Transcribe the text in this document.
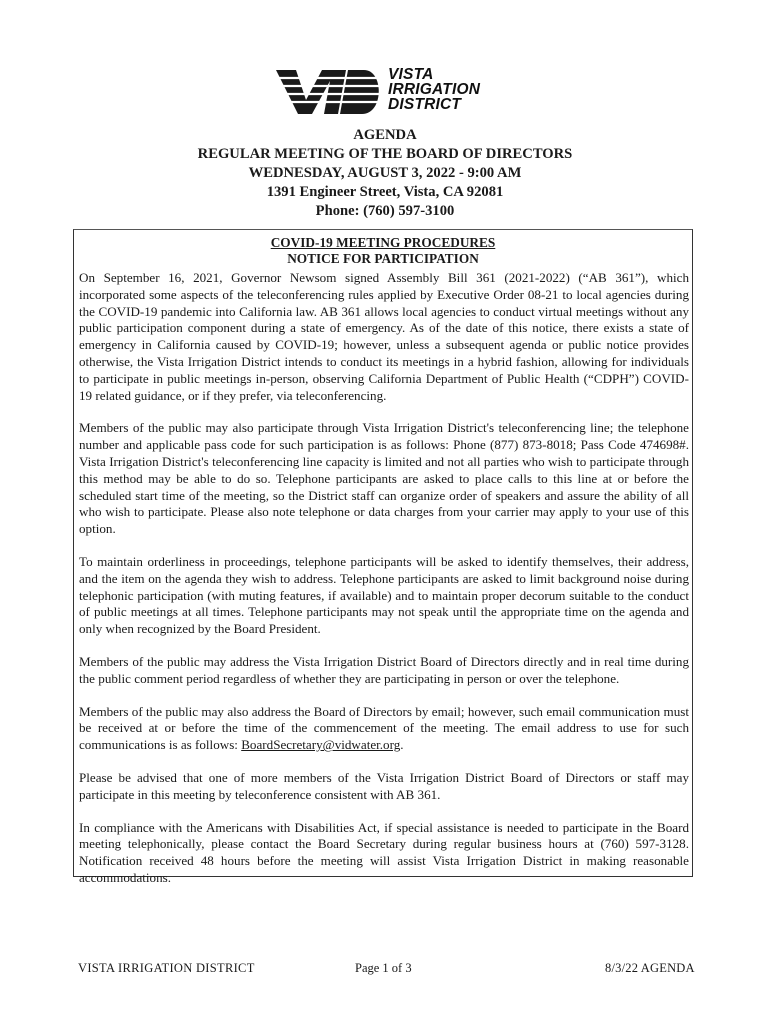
VISTA
IRRIGATION
DISTRICT
AGENDA
REGULAR MEETING OF THE BOARD OF DIRECTORS
WEDNESDAY, AUGUST 3, 2022 - 9:00 AM
1391 Engineer Street, Vista, CA 92081
Phone: (760) 597-3100
COVID-19 MEETING PROCEDURES
NOTICE FOR PARTICIPATION

On September 16, 2021, Governor Newsom signed Assembly Bill 361 (2021-2022) (“AB 361”), which incorporated some aspects of the teleconferencing rules applied by Executive Order 08-21 to local agencies during the COVID-19 pandemic into California law. AB 361 allows local agencies to conduct virtual meetings without any public participation component during a state of emergency. As of the date of this notice, there exists a state of emergency in California caused by COVID-19; however, unless a subsequent agenda or public notice provides otherwise, the Vista Irrigation District intends to conduct its meetings in a hybrid fashion, allowing for individuals to participate in public meetings in-person, observing California Department of Public Health (“CDPH”) COVID-19 related guidance, or if they prefer, via teleconferencing.

Members of the public may also participate through Vista Irrigation District's teleconferencing line; the telephone number and applicable pass code for such participation is as follows: Phone (877) 873-8018; Pass Code 474698#. Vista Irrigation District's teleconferencing line capacity is limited and not all parties who wish to participate through this method may be able to do so. Telephone participants are asked to place calls to this line at or before the scheduled start time of the meeting, so the District staff can organize order of speakers and assure the ability of all who wish to participate. Please also note telephone or data charges from your carrier may apply to your use of this option.

To maintain orderliness in proceedings, telephone participants will be asked to identify themselves, their address, and the item on the agenda they wish to address. Telephone participants are asked to limit background noise during telephonic participation (with muting features, if available) and to maintain proper decorum suitable to the conduct of public meetings at all times. Telephone participants may not speak until the appropriate time on the agenda and only when recognized by the Board President.

Members of the public may address the Vista Irrigation District Board of Directors directly and in real time during the public comment period regardless of whether they are participating in person or over the telephone.

Members of the public may also address the Board of Directors by email; however, such email communication must be received at or before the time of the commencement of the meeting. The email address to use for such communications is as follows: BoardSecretary@vidwater.org.

Please be advised that one of more members of the Vista Irrigation District Board of Directors or staff may participate in this meeting by teleconference consistent with AB 361.

In compliance with the Americans with Disabilities Act, if special assistance is needed to participate in the Board meeting telephonically, please contact the Board Secretary during regular business hours at (760) 597-3128. Notification received 48 hours before the meeting will assist Vista Irrigation District in making reasonable accommodations.

VISTA IRRIGATION DISTRICT	Page 1 of 3	8/3/22 AGENDA
